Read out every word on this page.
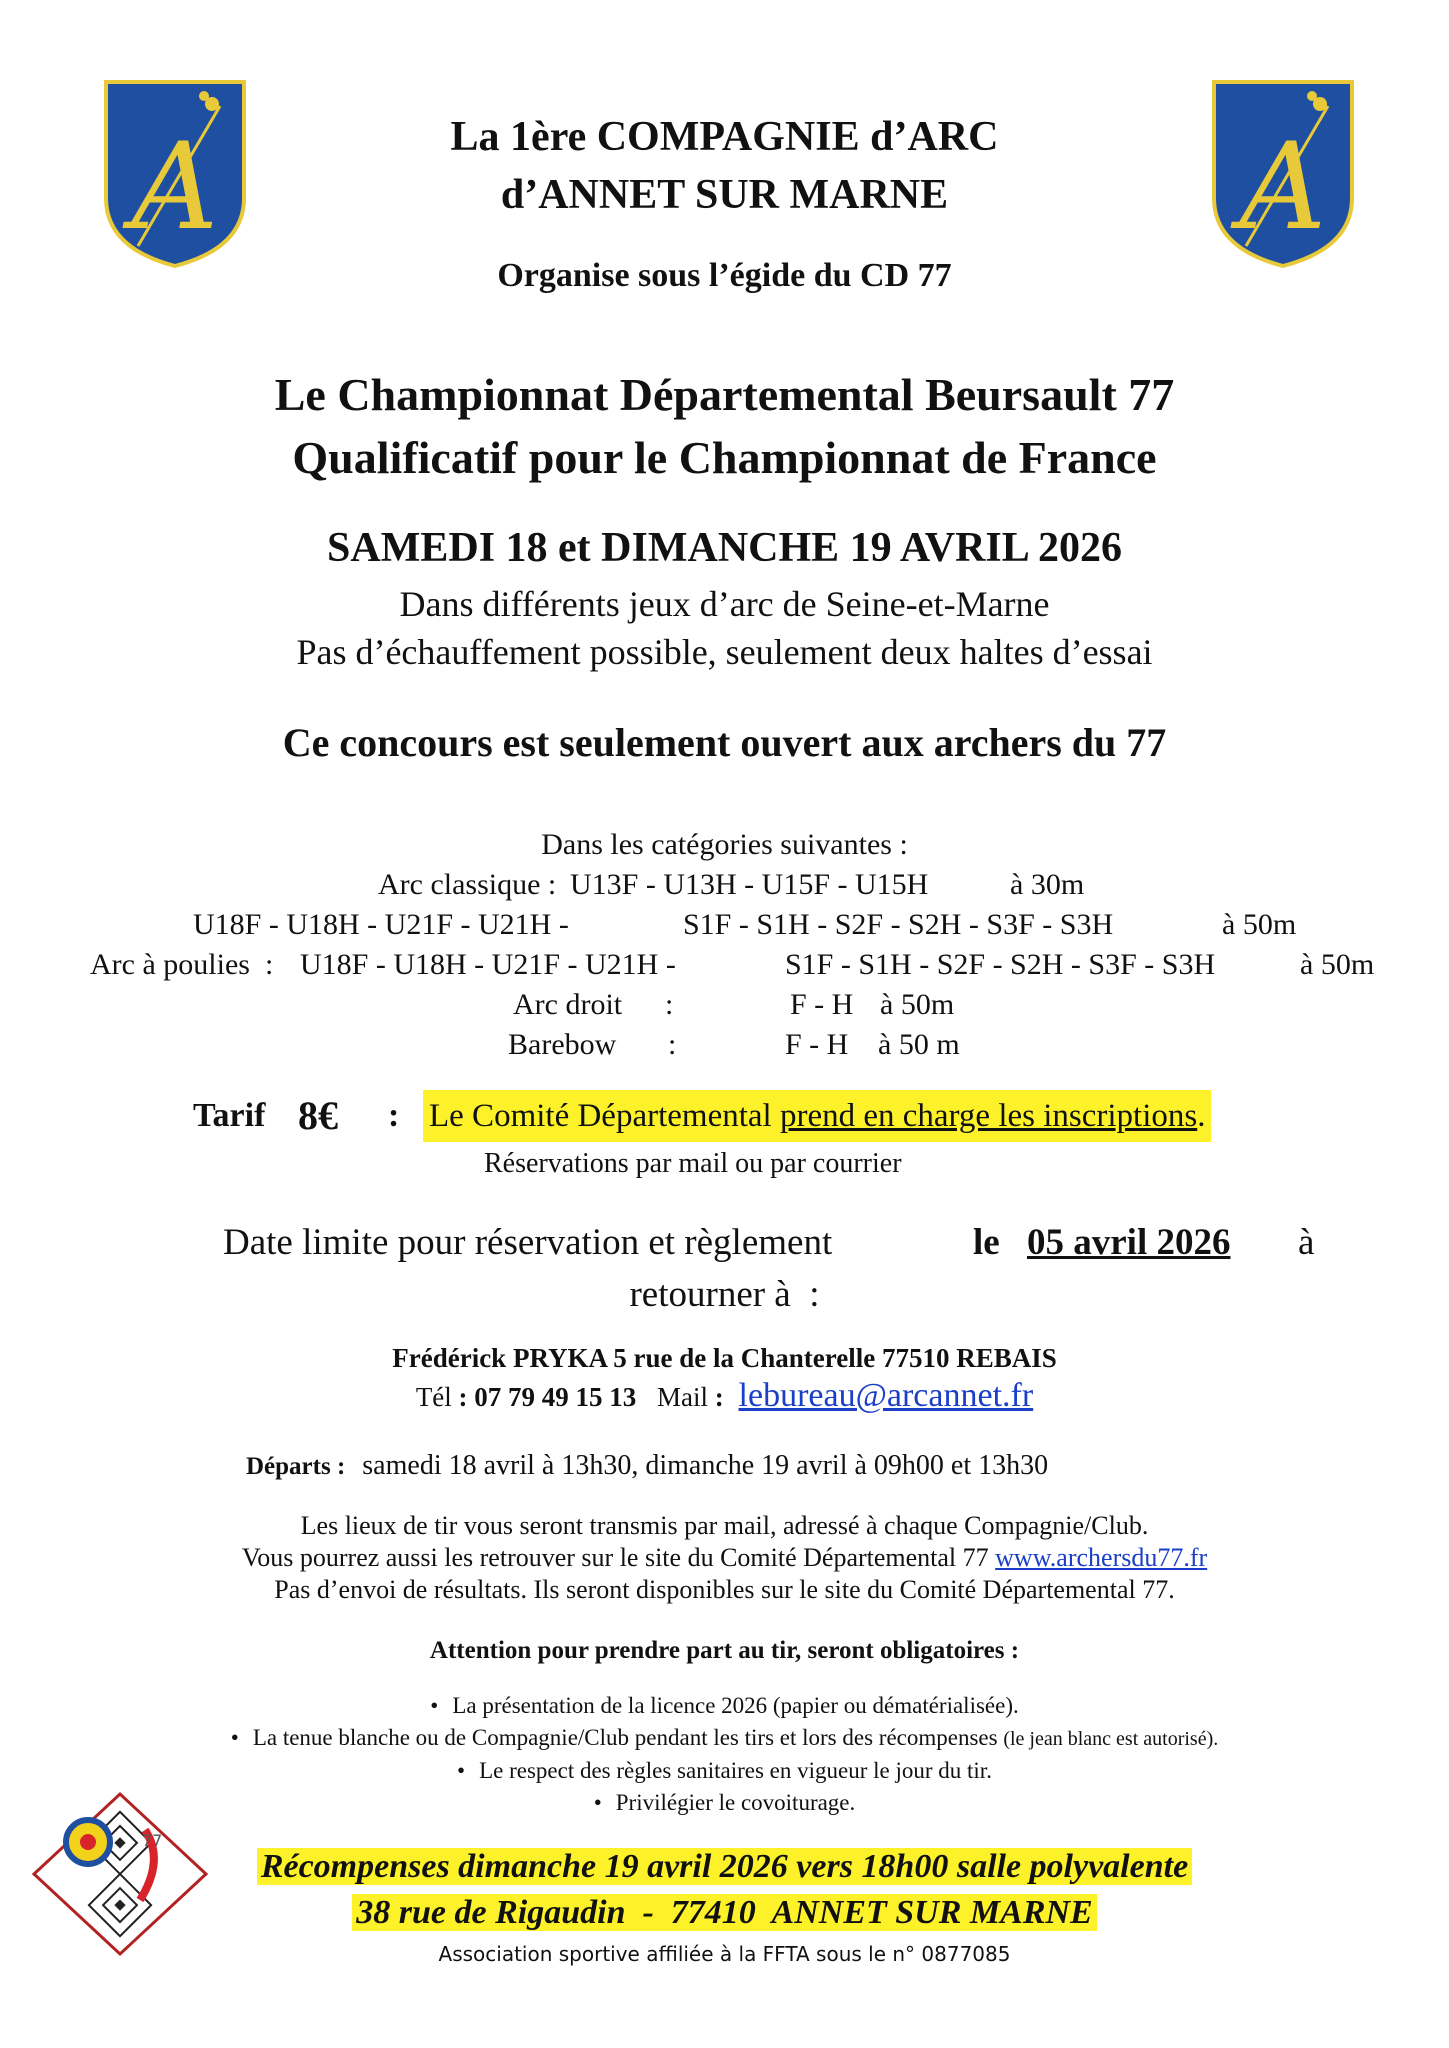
A	A
La 1ère COMPAGNIE d’ARC
d’ANNET SUR MARNE
Organise sous l’égide du CD 77
Le Championnat Départemental Beursault 77
Qualificatif pour le Championnat de France
SAMEDI 18 et DIMANCHE 19 AVRIL 2026
Dans différents jeux d’arc de Seine-et-Marne
Pas d’échauffement possible, seulement deux haltes d’essai
Ce concours est seulement ouvert aux archers du 77
Dans les catégories suivantes :
Arc classique : U13F - U13H - U15F - U15H	à 30m
U18F - U18H - U21F - U21H -	S1F - S1H - S2F - S2H - S3F - S3H	à 50m
Arc à poulies  : U18F - U18H - U21F - U21H -	S1F - S1H - S2F - S2H - S3F - S3H	à 50m
Arc droit :	F - H à 50m
Barebow :	F - H à 50 m
Tarif 8€ : Le Comité Départemental prend en charge les inscriptions.
Réservations par mail ou par courrier
Date limite pour réservation et règlement	le 05 avril 2026	à
retourner à  :
Frédérick PRYKA 5 rue de la Chanterelle 77510 REBAIS
Tél : 07 79 49 15 13 Mail : lebureau@arcannet.fr
Départs : samedi 18 avril à 13h30, dimanche 19 avril à 09h00 et 13h30
Les lieux de tir vous seront transmis par mail, adressé à chaque Compagnie/Club.
Vous pourrez aussi les retrouver sur le site du Comité Départemental 77 www.archersdu77.fr
Pas d’envoi de résultats. Ils seront disponibles sur le site du Comité Départemental 77.
Attention pour prendre part au tir, seront obligatoires :
• La présentation de la licence 2026 (papier ou dématérialisée).
• La tenue blanche ou de Compagnie/Club pendant les tirs et lors des récompenses (le jean blanc est autorisé).
• Le respect des règles sanitaires en vigueur le jour du tir.
• Privilégier le covoiturage.
77
Récompenses dimanche 19 avril 2026 vers 18h00 salle polyvalente
38 rue de Rigaudin  -  77410  ANNET SUR MARNE
Association sportive affiliée à la FFTA sous le n° 0877085
